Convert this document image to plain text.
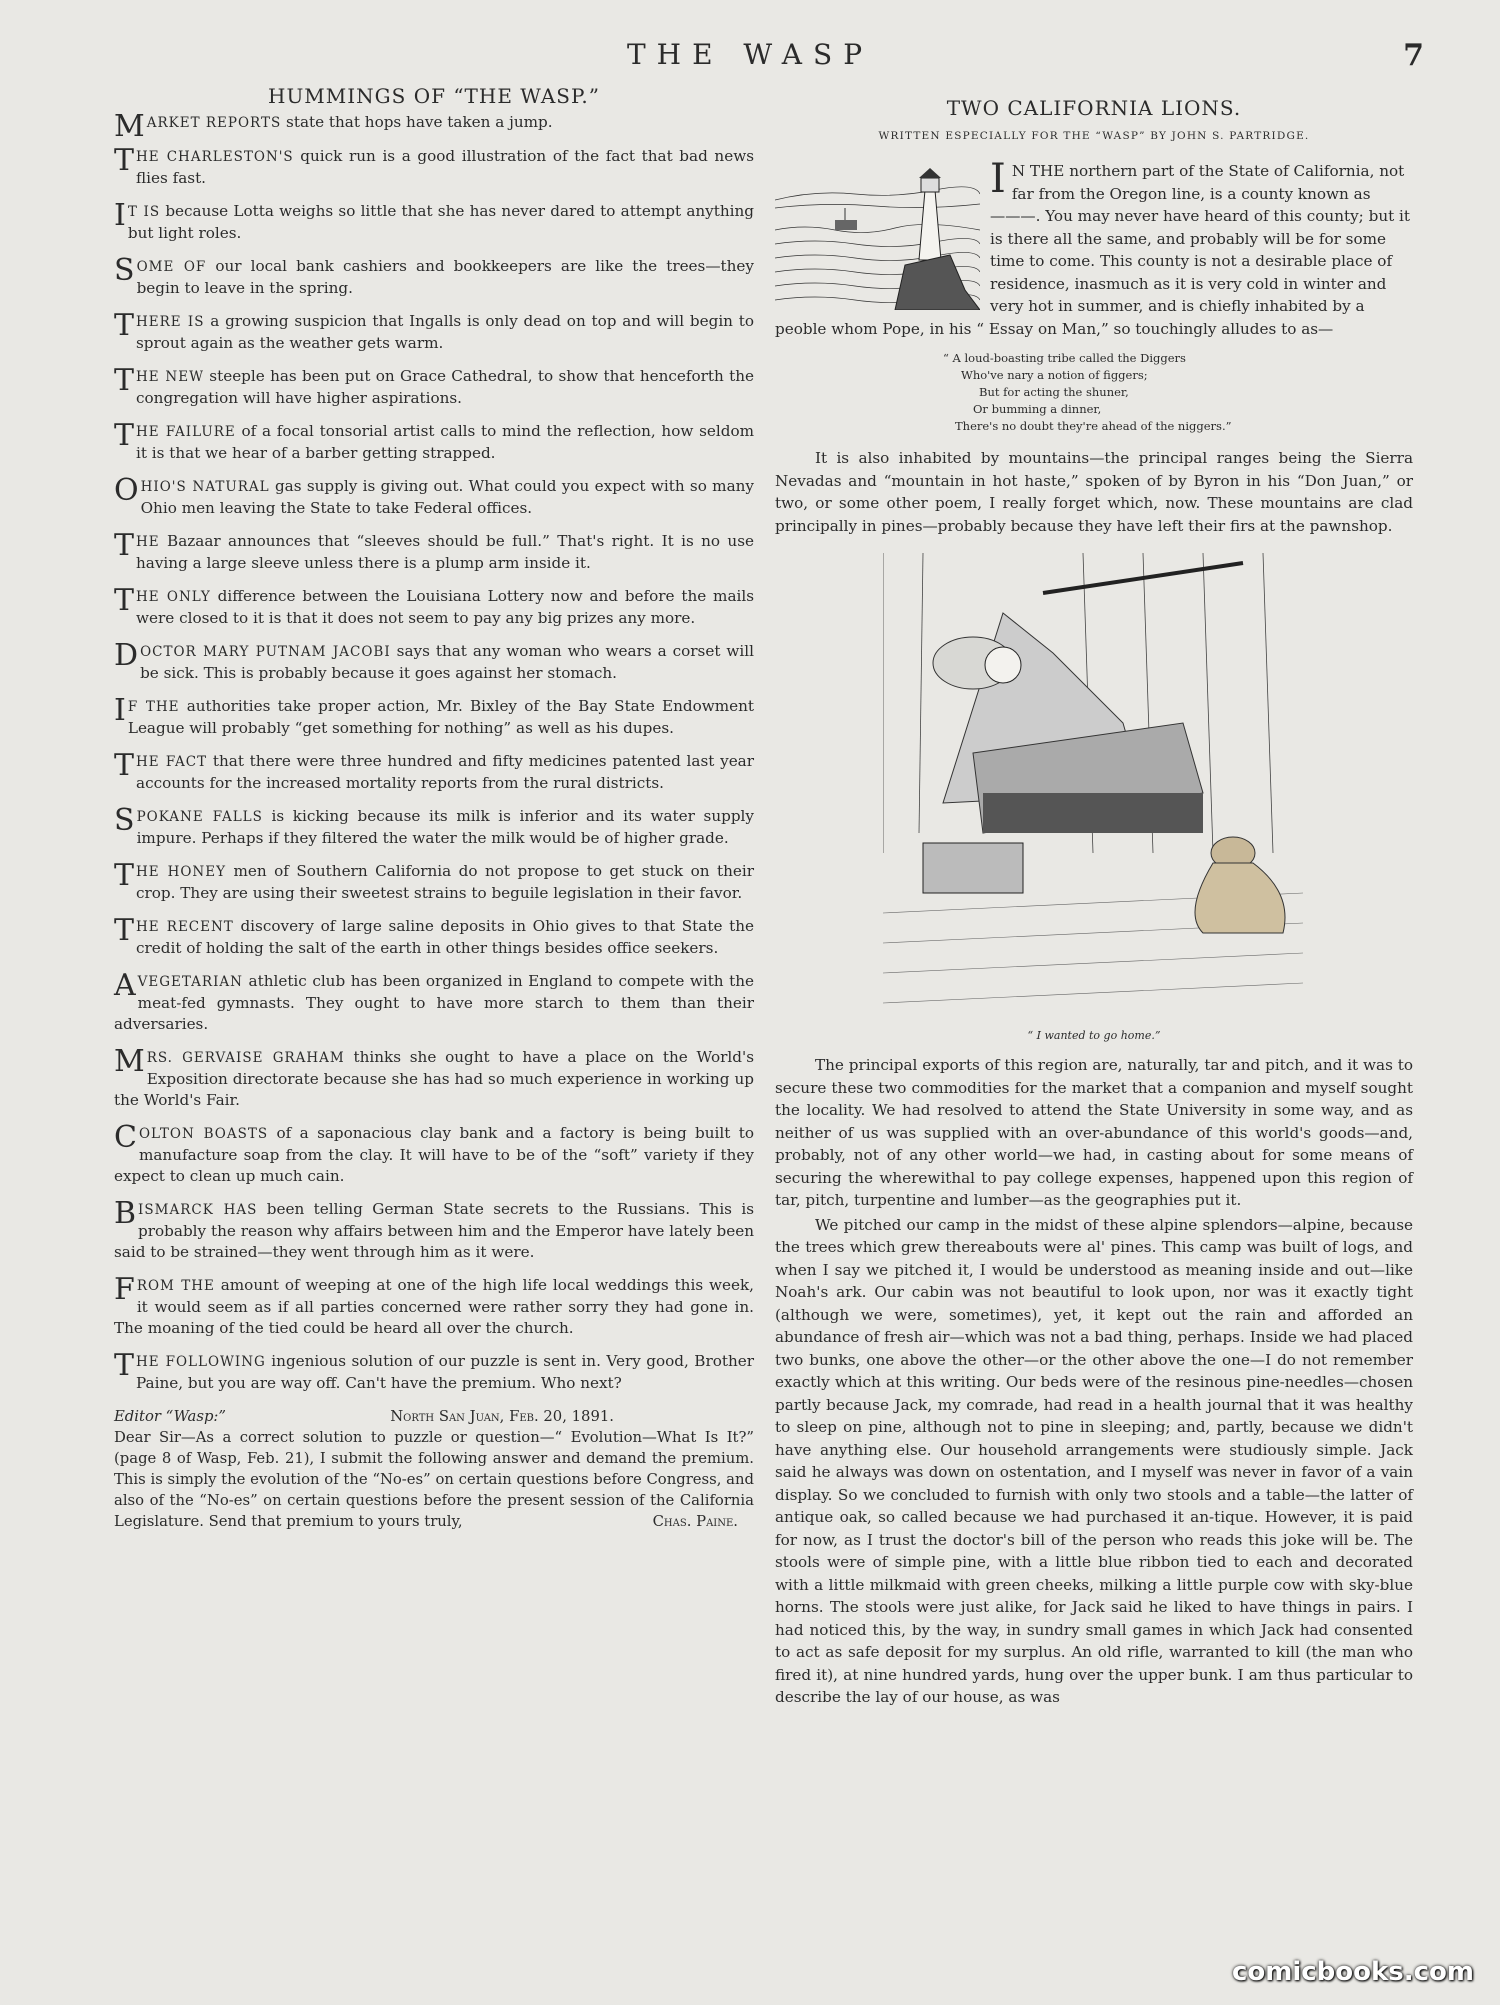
THE WASP	7
HUMMINGS OF “THE WASP.”
MARKET REPORTS state that hops have taken a jump.
THE CHARLESTON'S quick run is a good illustration of the fact that bad news flies fast.
I T IS because Lotta weighs so little that she has never dared to attempt anything but light roles.
SOME OF our local bank cashiers and bookkeepers are like the trees—they begin to leave in the spring.
THERE IS a growing suspicion that Ingalls is only dead on top and will begin to sprout again as the weather gets warm.
THE NEW steeple has been put on Grace Cathedral, to show that henceforth the congregation will have higher aspirations.
THE FAILURE of a focal tonsorial artist calls to mind the reflection, how seldom it is that we hear of a barber getting strapped.
OHIO'S NATURAL gas supply is giving out. What could you expect with so many Ohio men leaving the State to take Federal offices.
THE Bazaar announces that “sleeves should be full.” That's right. It is no use having a large sleeve unless there is a plump arm inside it.
THE ONLY difference between the Louisiana Lottery now and before the mails were closed to it is that it does not seem to pay any big prizes any more.
DOCTOR MARY PUTNAM JACOBI says that any woman who wears a corset will be sick. This is probably because it goes against her stomach.
I F THE authorities take proper action, Mr. Bixley of the Bay State Endowment League will probably “get something for nothing” as well as his dupes.
THE FACT that there were three hundred and fifty medicines patented last year accounts for the increased mortality reports from the rural districts.
SPOKANE FALLS is kicking because its milk is inferior and its water supply impure. Perhaps if they filtered the water the milk would be of higher grade.
THE HONEY men of Southern California do not propose to get stuck on their crop. They are using their sweetest strains to beguile legislation in their favor.
THE RECENT discovery of large saline deposits in Ohio gives to that State the credit of holding the salt of the earth in other things besides office seekers.
A VEGETARIAN athletic club has been organized in England to compete with the meat-fed gymnasts. They ought to have more starch to them than their adversaries.
MRS. GERVAISE GRAHAM thinks she ought to have a place on the World's Exposition directorate because she has had so much experience in working up the World's Fair.
COLTON BOASTS of a saponacious clay bank and a factory is being built to manufacture soap from the clay. It will have to be of the “soft” variety if they expect to clean up much cain.
BISMARCK HAS been telling German State secrets to the Russians. This is probably the reason why affairs between him and the Emperor have lately been said to be strained—they went through him as it were.
FROM THE amount of weeping at one of the high life local weddings this week, it would seem as if all parties concerned were rather sorry they had gone in. The moaning of the tied could be heard all over the church.
THE FOLLOWING ingenious solution of our puzzle is sent in. Very good, Brother Paine, but you are way off. Can't have the premium. Who next?
Editor “Wasp:”	North San Juan, Feb. 20, 1891.
Dear Sir—As a correct solution to puzzle or question—“ Evolution—What Is It?” (page 8 of Wasp, Feb. 21), I submit the following answer and demand the premium. This is simply the evolution of the “No-es” on certain questions before Congress, and also of the “No-es” on certain questions before the present session of the California Legislature. Send that premium to yours truly,	Chas. Paine.
TWO CALIFORNIA LIONS.
WRITTEN ESPECIALLY FOR THE “WASP” BY JOHN S. PARTRIDGE.
I N THE northern part of the State of California, not far from the Oregon line, is a county known as ———. You may never have heard of this county; but it is there all the same, and probably will be for some time to come. This county is not a desirable place of residence, inasmuch as it is very cold in winter and very hot in summer, and is chiefly inhabited by a peoble whom Pope, in his “ Essay on Man,” so touchingly alludes to as—
“ A loud-boasting tribe called the Diggers
Who've nary a notion of figgers;
But for acting the shuner,
Or bumming a dinner,
There's no doubt they're ahead of the niggers.”
It is also inhabited by mountains—the principal ranges being the Sierra Nevadas and “mountain in hot haste,” spoken of by Byron in his “Don Juan,” or two, or some other poem, I really forget which, now. These mountains are clad principally in pines—probably because they have left their firs at the pawnshop.
“ I wanted to go home.”
The principal exports of this region are, naturally, tar and pitch, and it was to secure these two commodities for the market that a companion and myself sought the locality. We had resolved to attend the State University in some way, and as neither of us was supplied with an over-abundance of this world's goods—and, probably, not of any other world—we had, in casting about for some means of securing the wherewithal to pay college expenses, happened upon this region of tar, pitch, turpentine and lumber—as the geographies put it.
We pitched our camp in the midst of these alpine splendors—alpine, because the trees which grew thereabouts were al' pines. This camp was built of logs, and when I say we pitched it, I would be understood as meaning inside and out—like Noah's ark. Our cabin was not beautiful to look upon, nor was it exactly tight (although we were, sometimes), yet, it kept out the rain and afforded an abundance of fresh air—which was not a bad thing, perhaps. Inside we had placed two bunks, one above the other—or the other above the one—I do not remember exactly which at this writing. Our beds were of the resinous pine-needles—chosen partly because Jack, my comrade, had read in a health journal that it was healthy to sleep on pine, although not to pine in sleeping; and, partly, because we didn't have anything else. Our household arrangements were studiously simple. Jack said he always was down on ostentation, and I myself was never in favor of a vain display. So we concluded to furnish with only two stools and a table—the latter of antique oak, so called because we had purchased it an-tique. However, it is paid for now, as I trust the doctor's bill of the person who reads this joke will be. The stools were of simple pine, with a little blue ribbon tied to each and decorated with a little milkmaid with green cheeks, milking a little purple cow with sky-blue horns. The stools were just alike, for Jack said he liked to have things in pairs. I had noticed this, by the way, in sundry small games in which Jack had consented to act as safe deposit for my surplus. An old rifle, warranted to kill (the man who fired it), at nine hundred yards, hung over the upper bunk. I am thus particular to describe the lay of our house, as was
comicbooks.com
